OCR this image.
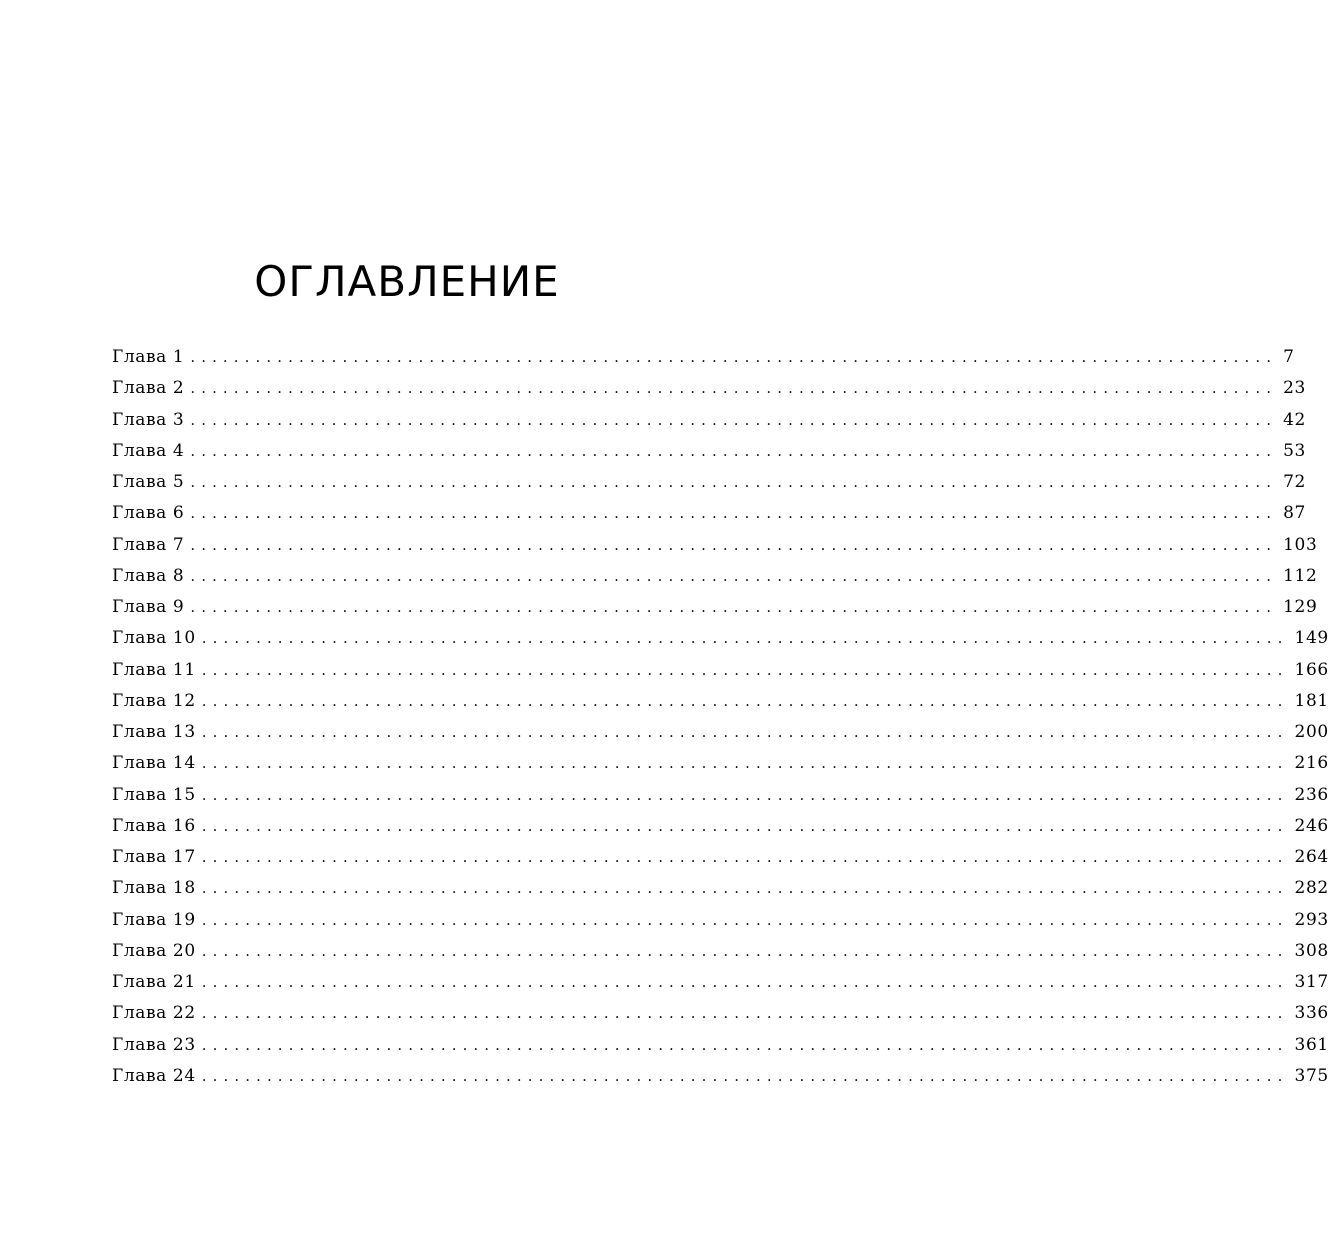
ОГЛАВЛЕНИЕ
Глава 1 .................................................................................................... 7
Глава 2 .................................................................................................... 23
Глава 3 .................................................................................................... 42
Глава 4 .................................................................................................... 53
Глава 5 .................................................................................................... 72
Глава 6 .................................................................................................... 87
Глава 7 .................................................................................................... 103
Глава 8 .................................................................................................... 112
Глава 9 .................................................................................................... 129
Глава 10 .................................................................................................... 149
Глава 11 .................................................................................................... 166
Глава 12 .................................................................................................... 181
Глава 13 .................................................................................................... 200
Глава 14 .................................................................................................... 216
Глава 15 .................................................................................................... 236
Глава 16 .................................................................................................... 246
Глава 17 .................................................................................................... 264
Глава 18 .................................................................................................... 282
Глава 19 .................................................................................................... 293
Глава 20 .................................................................................................... 308
Глава 21 .................................................................................................... 317
Глава 22 .................................................................................................... 336
Глава 23 .................................................................................................... 361
Глава 24 .................................................................................................... 375
